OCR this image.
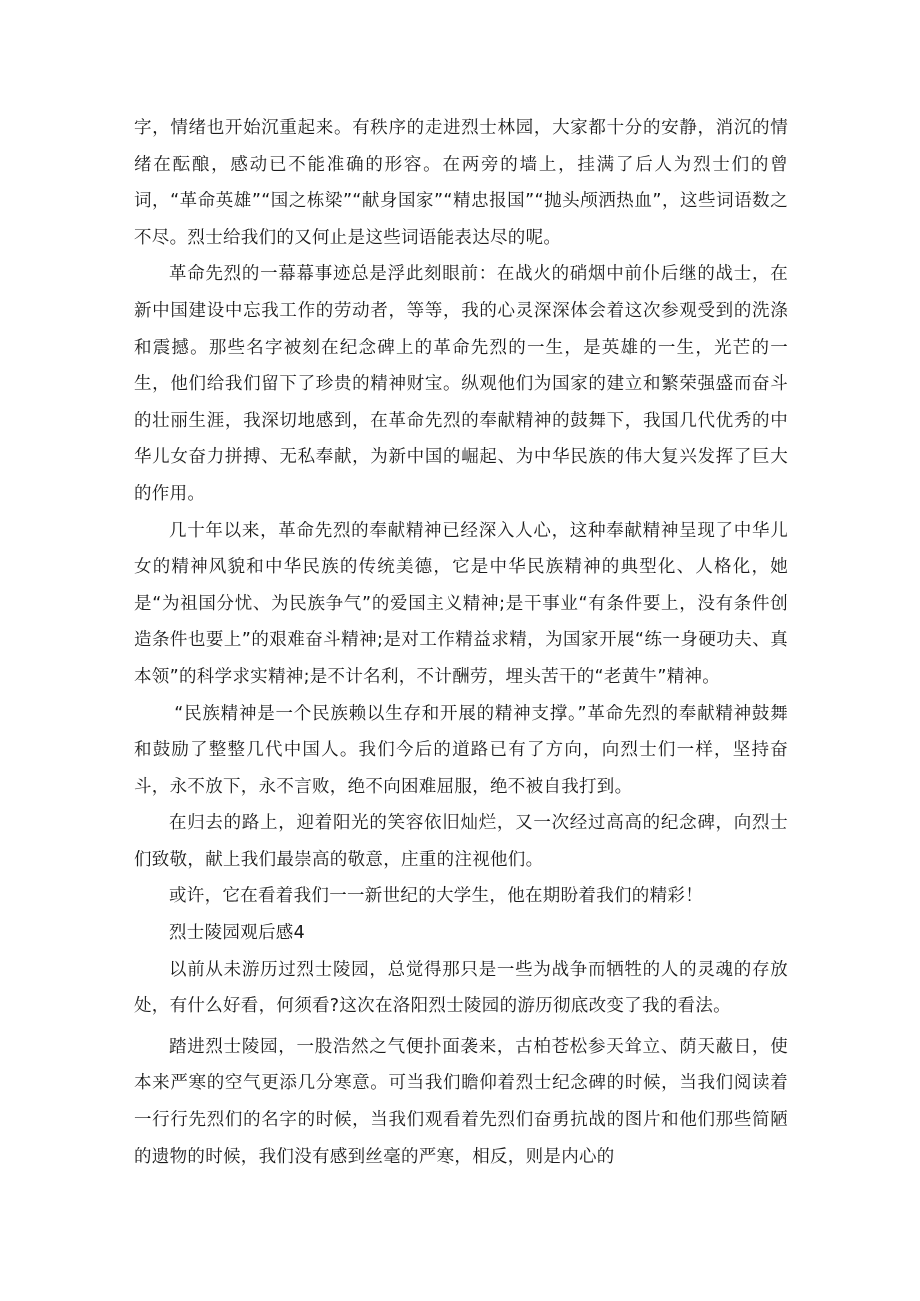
字，情绪也开始沉重起来。有秩序的走进烈士林园，大家都十分的安静，消沉的情绪在酝酿，感动已不能准确的形容。在两旁的墙上，挂满了后人为烈士们的曾词，“革命英雄”“国之栋梁”“献身国家”“精忠报国”“抛头颅洒热血”，这些词语数之不尽。烈士给我们的又何止是这些词语能表达尽的呢。

革命先烈的一幕幕事迹总是浮此刻眼前：在战火的硝烟中前仆后继的战士，在新中国建设中忘我工作的劳动者，等等，我的心灵深深体会着这次参观受到的洗涤和震撼。那些名字被刻在纪念碑上的革命先烈的一生，是英雄的一生，光芒的一生，他们给我们留下了珍贵的精神财宝。纵观他们为国家的建立和繁荣强盛而奋斗的壮丽生涯，我深切地感到，在革命先烈的奉献精神的鼓舞下，我国几代优秀的中华儿女奋力拼搏、无私奉献，为新中国的崛起、为中华民族的伟大复兴发挥了巨大的作用。

几十年以来，革命先烈的奉献精神已经深入人心，这种奉献精神呈现了中华儿女的精神风貌和中华民族的传统美德，它是中华民族精神的典型化、人格化，她是“为祖国分忧、为民族争气”的爱国主义精神;是干事业“有条件要上，没有条件创造条件也要上”的艰难奋斗精神;是对工作精益求精，为国家开展“练一身硬功夫、真本领”的科学求实精神;是不计名利，不计酬劳，埋头苦干的“老黄牛”精神。

“民族精神是一个民族赖以生存和开展的精神支撑。”革命先烈的奉献精神鼓舞和鼓励了整整几代中国人。我们今后的道路已有了方向，向烈士们一样，坚持奋斗，永不放下，永不言败，绝不向困难屈服，绝不被自我打到。

在归去的路上，迎着阳光的笑容依旧灿烂，又一次经过高高的纪念碑，向烈士们致敬，献上我们最崇高的敬意，庄重的注视他们。

或许，它在看着我们一一新世纪的大学生，他在期盼着我们的精彩！

烈士陵园观后感4

以前从未游历过烈士陵园，总觉得那只是一些为战争而牺牲的人的灵魂的存放处，有什么好看，何须看?这次在洛阳烈士陵园的游历彻底改变了我的看法。

踏进烈士陵园，一股浩然之气便扑面袭来，古柏苍松参天耸立、荫天蔽日，使本来严寒的空气更添几分寒意。可当我们瞻仰着烈士纪念碑的时候，当我们阅读着一行行先烈们的名字的时候，当我们观看着先烈们奋勇抗战的图片和他们那些简陋的遗物的时候，我们没有感到丝毫的严寒，相反，则是内心的
